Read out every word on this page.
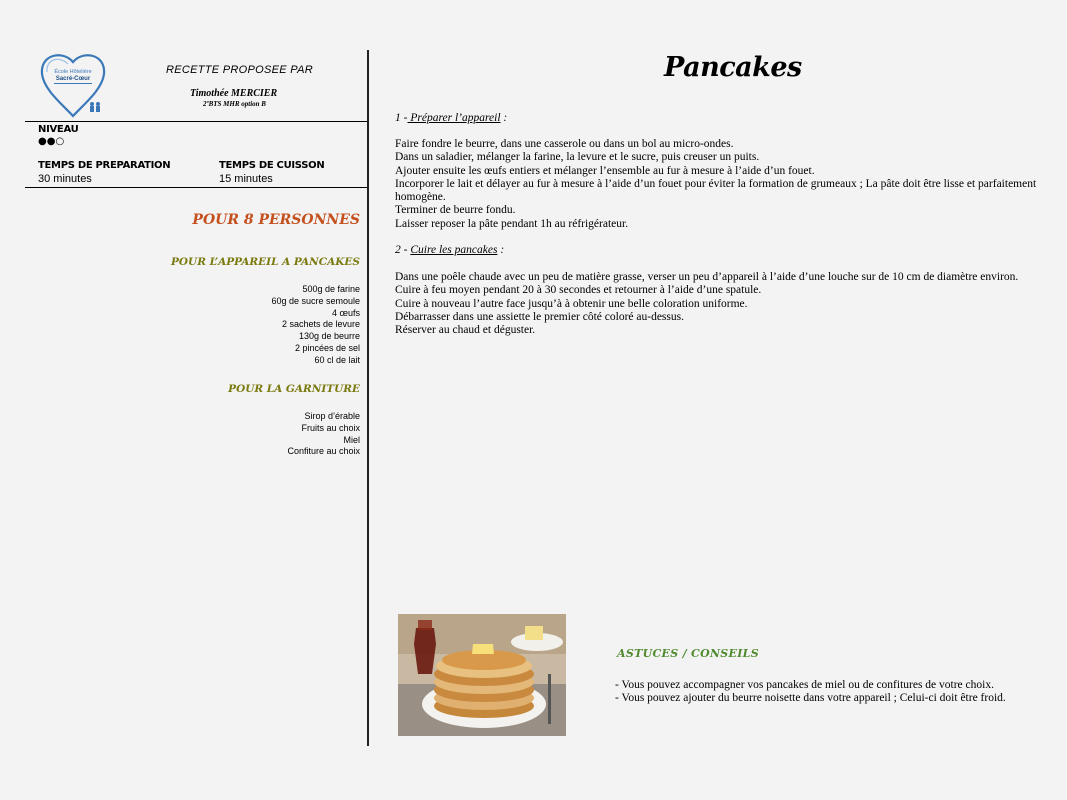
École Hôtelière
Sacré-Cœur
RECETTE PROPOSEE PAR
Timothée MERCIER
2ºBTS MHR option B
NIVEAU
●●○
TEMPS DE PREPARATION
30 minutes
TEMPS DE CUISSON
15 minutes
POUR 8 PERSONNES
POUR L’APPAREIL A PANCAKES
500g de farine
60g de sucre semoule
4 œufs
2 sachets de levure
130g de beurre
2 pincées de sel
60 cl de lait
POUR LA GARNITURE
Sirop d’érable
Fruits au choix
Miel
Confiture au choix
Pancakes
1 - Préparer l’appareil :
Faire fondre le beurre, dans une casserole ou dans un bol au micro-ondes.
Dans un saladier, mélanger la farine, la levure et le sucre, puis creuser un puits.
Ajouter ensuite les œufs entiers et mélanger l’ensemble au fur à mesure à l’aide d’un fouet.
Incorporer le lait et délayer au fur à mesure à l’aide d’un fouet pour éviter la formation de grumeaux ; La pâte doit être lisse et parfaitement homogène.
Terminer de beurre fondu.
Laisser reposer la pâte pendant 1h au réfrigérateur.
2 - Cuire les pancakes :
Dans une poêle chaude avec un peu de matière grasse, verser un peu d’appareil à l’aide d’une louche sur de 10 cm de diamètre environ.
Cuire à feu moyen pendant 20 à 30 secondes et retourner à l’aide d’une spatule.
Cuire à nouveau l’autre face jusqu’à à obtenir une belle coloration uniforme.
Débarrasser dans une assiette le premier côté coloré au-dessus.
Réserver au chaud et déguster.
ASTUCES / CONSEILS
- Vous pouvez accompagner vos pancakes de miel ou de confitures de votre choix.
- Vous pouvez ajouter du beurre noisette dans votre appareil ; Celui-ci doit être froid.
